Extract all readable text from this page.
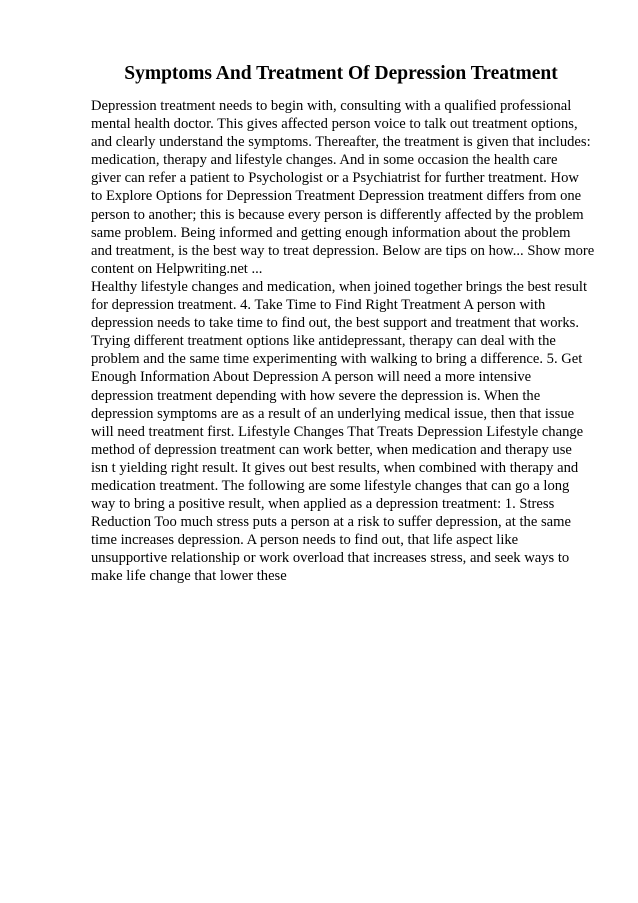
Symptoms And Treatment Of Depression Treatment

Depression treatment needs to begin with, consulting with a qualified professional
mental health doctor. This gives affected person voice to talk out treatment options,
and clearly understand the symptoms. Thereafter, the treatment is given that includes:
medication, therapy and lifestyle changes. And in some occasion the health care
giver can refer a patient to Psychologist or a Psychiatrist for further treatment. How
to Explore Options for Depression Treatment Depression treatment differs from one
person to another; this is because every person is differently affected by the problem
same problem. Being informed and getting enough information about the problem
and treatment, is the best way to treat depression. Below are tips on how... Show more
content on Helpwriting.net ...

Healthy lifestyle changes and medication, when joined together brings the best result
for depression treatment. 4. Take Time to Find Right Treatment A person with
depression needs to take time to find out, the best support and treatment that works.
Trying different treatment options like antidepressant, therapy can deal with the
problem and the same time experimenting with walking to bring a difference. 5. Get
Enough Information About Depression A person will need a more intensive
depression treatment depending with how severe the depression is. When the
depression symptoms are as a result of an underlying medical issue, then that issue
will need treatment first. Lifestyle Changes That Treats Depression Lifestyle change
method of depression treatment can work better, when medication and therapy use
isn t yielding right result. It gives out best results, when combined with therapy and
medication treatment. The following are some lifestyle changes that can go a long
way to bring a positive result, when applied as a depression treatment: 1. Stress
Reduction Too much stress puts a person at a risk to suffer depression, at the same
time increases depression. A person needs to find out, that life aspect like
unsupportive relationship or work overload that increases stress, and seek ways to
make life change that lower these
